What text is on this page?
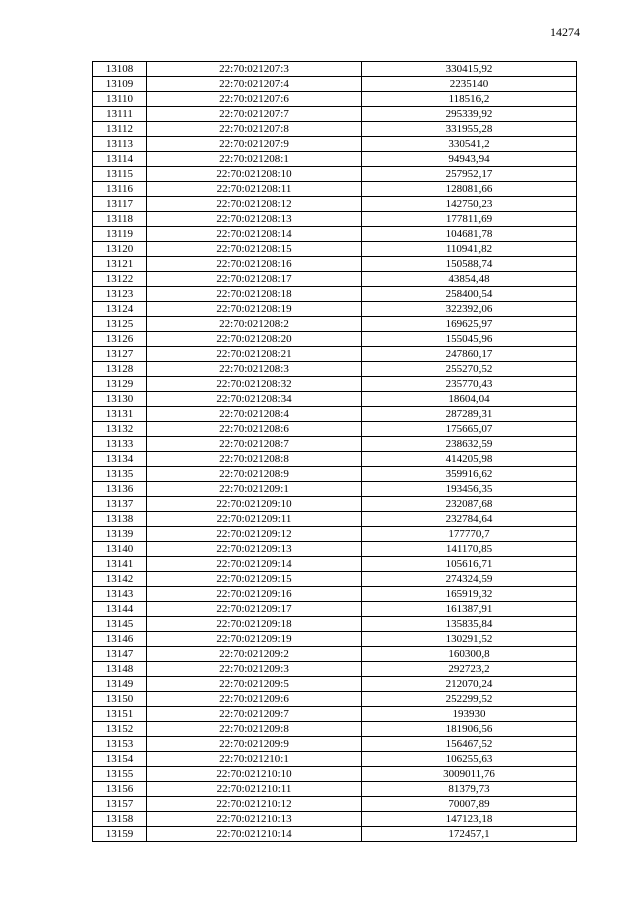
14274
13108	22:70:021207:3	330415,92
13109	22:70:021207:4	2235140
13110	22:70:021207:6	118516,2
13111	22:70:021207:7	295339,92
13112	22:70:021207:8	331955,28
13113	22:70:021207:9	330541,2
13114	22:70:021208:1	94943,94
13115	22:70:021208:10	257952,17
13116	22:70:021208:11	128081,66
13117	22:70:021208:12	142750,23
13118	22:70:021208:13	177811,69
13119	22:70:021208:14	104681,78
13120	22:70:021208:15	110941,82
13121	22:70:021208:16	150588,74
13122	22:70:021208:17	43854,48
13123	22:70:021208:18	258400,54
13124	22:70:021208:19	322392,06
13125	22:70:021208:2	169625,97
13126	22:70:021208:20	155045,96
13127	22:70:021208:21	247860,17
13128	22:70:021208:3	255270,52
13129	22:70:021208:32	235770,43
13130	22:70:021208:34	18604,04
13131	22:70:021208:4	287289,31
13132	22:70:021208:6	175665,07
13133	22:70:021208:7	238632,59
13134	22:70:021208:8	414205,98
13135	22:70:021208:9	359916,62
13136	22:70:021209:1	193456,35
13137	22:70:021209:10	232087,68
13138	22:70:021209:11	232784,64
13139	22:70:021209:12	177770,7
13140	22:70:021209:13	141170,85
13141	22:70:021209:14	105616,71
13142	22:70:021209:15	274324,59
13143	22:70:021209:16	165919,32
13144	22:70:021209:17	161387,91
13145	22:70:021209:18	135835,84
13146	22:70:021209:19	130291,52
13147	22:70:021209:2	160300,8
13148	22:70:021209:3	292723,2
13149	22:70:021209:5	212070,24
13150	22:70:021209:6	252299,52
13151	22:70:021209:7	193930
13152	22:70:021209:8	181906,56
13153	22:70:021209:9	156467,52
13154	22:70:021210:1	106255,63
13155	22:70:021210:10	3009011,76
13156	22:70:021210:11	81379,73
13157	22:70:021210:12	70007,89
13158	22:70:021210:13	147123,18
13159	22:70:021210:14	172457,1
